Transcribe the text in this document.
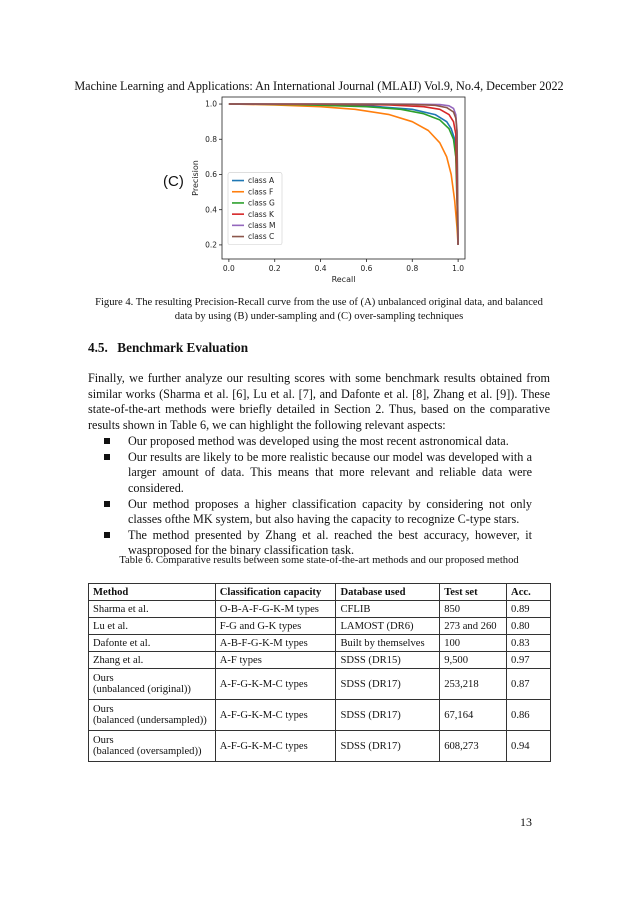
Machine Learning and Applications: An International Journal (MLAIJ) Vol.9, No.4, December 2022
0.0	0.2	0.4	0.6	0.8	1.0
0.2
0.4
0.6
0.8
1.0
Recall
Precision	class A
class F
class G
class K
class M
class C
(C)
Figure 4. The resulting Precision-Recall curve from the use of (A) unbalanced original data, and balanced
data by using (B) under-sampling and (C) over-sampling techniques
4.5. Benchmark Evaluation
Finally, we further analyze our resulting scores with some benchmark results obtained from similar works (Sharma et al. [6], Lu et al. [7], and Dafonte et al. [8], Zhang et al. [9]). These state-of-the-art methods were briefly detailed in Section 2. Thus, based on the comparative results shown in Table 6, we can highlight the following relevant aspects:
Our proposed method was developed using the most recent astronomical data.
Our results are likely to be more realistic because our model was developed with a larger amount of data. This means that more relevant and reliable data were considered.
Our method proposes a higher classification capacity by considering not only classes ofthe MK system, but also having the capacity to recognize C-type stars.
The method presented by Zhang et al. reached the best accuracy, however, it wasproposed for the binary classification task.
Table 6. Comparative results between some state-of-the-art methods and our proposed method
Method	Classification capacity	Database used	Test set	Acc.
Sharma et al.	O-B-A-F-G-K-M types	CFLIB	850	0.89
Lu et al.	F-G and G-K types	LAMOST (DR6)	273 and 260	0.80
Dafonte et al.	A-B-F-G-K-M types	Built by themselves	100	0.83
Zhang et al.	A-F types	SDSS (DR15)	9,500	0.97
Ours
(unbalanced (original))	A-F-G-K-M-C types	SDSS (DR17)	253,218	0.87
Ours
(balanced (undersampled))	A-F-G-K-M-C types	SDSS (DR17)	67,164	0.86
Ours
(balanced (oversampled))	A-F-G-K-M-C types	SDSS (DR17)	608,273	0.94
13
